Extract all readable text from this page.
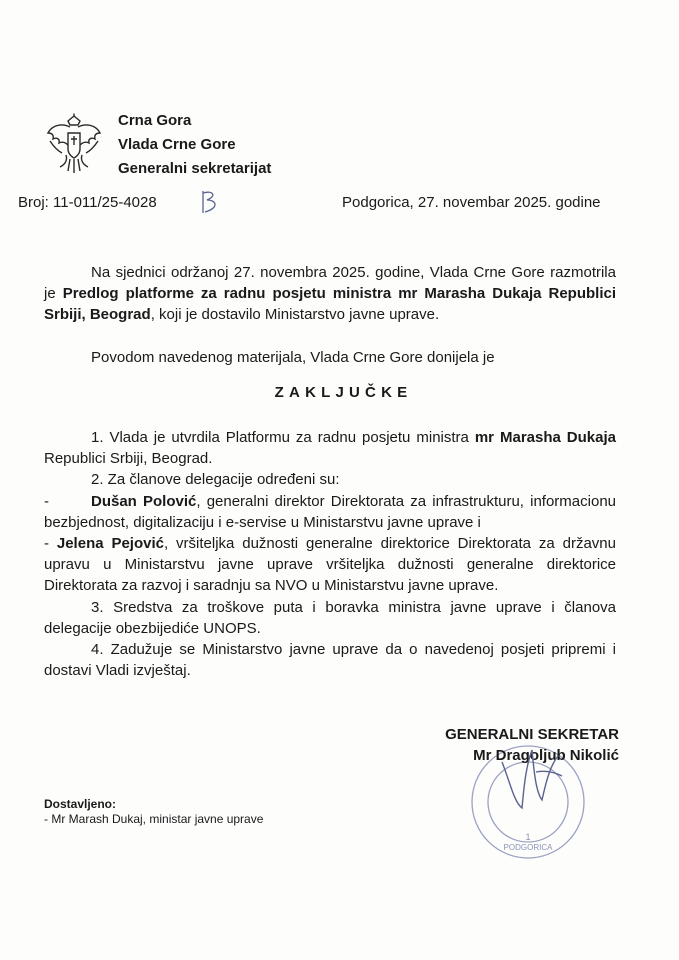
Crna Gora
Vlada Crne Gore
Generalni sekretarijat
Broj: 11-011/25-4028	Podgorica, 27. novembar 2025. godine

Na sjednici održanoj 27. novembra 2025. godine, Vlada Crne Gore razmotrila je Predlog platforme za radnu posjetu ministra mr Marasha Dukaja Republici Srbiji, Beograd, koji je dostavilo Ministarstvo javne uprave.

Povodom navedenog materijala, Vlada Crne Gore donijela je

ZAKLJUČKE

1. Vlada je utvrdila Platformu za radnu posjetu ministra mr Marasha Dukaja Republici Srbiji, Beograd.

2. Za članove delegacije određeni su:

-	Dušan Polović, generalni direktor Direktorata za infrastrukturu, informacionu bezbjednost, digitalizaciju i e-servise u Ministarstvu javne uprave i

- Jelena Pejović, vršiteljka dužnosti generalne direktorice Direktorata za državnu upravu u Ministarstvu javne uprave vršiteljka dužnosti generalne direktorice Direktorata za razvoj i saradnju sa NVO u Ministarstvu javne uprave.

3. Sredstva za troškove puta i boravka ministra javne uprave i članova delegacije obezbijediće UNOPS.

4. Zadužuje se Ministarstvo javne uprave da o navedenoj posjeti pripremi i dostavi Vladi izvještaj.

PODGORICA
1
GENERALNI SEKRETAR
Mr Dragoljub Nikolić
Dostavljeno:
- Mr Marash Dukaj, ministar javne uprave
